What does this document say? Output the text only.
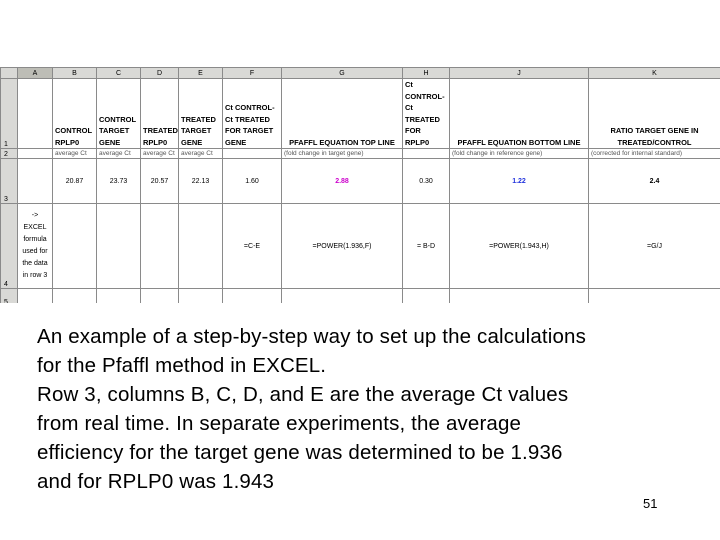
	A	B	C	D	E	F	G	H	J	K
1		CONTROL RPLP0	CONTROL TARGET GENE	TREATED RPLP0	TREATED TARGET GENE	Ct CONTROL-Ct TREATED FOR TARGET GENE	PFAFFL EQUATION TOP LINE	Ct CONTROL-Ct TREATED FOR RPLP0	PFAFFL EQUATION BOTTOM LINE	RATIO TARGET GENE IN TREATED/CONTROL
2		average Ct	average Ct	average Ct	average Ct		(fold change in target gene)		(fold change in reference gene)	(corrected for internal standard)
3		20.87	23.73	20.57	22.13	1.60	2.88	0.30	1.22	2.4
4	-> EXCEL formula used for the data in row 3					=C-E	=POWER(1.936,F)	= B-D	=POWER(1.943,H)	=G/J
5										

An example of a step-by-step way to set up the calculations

for the Pfaffl method in EXCEL.

Row 3, columns B, C, D, and E are the average Ct values

from real time. In separate experiments, the average

efficiency for the target gene was determined to be 1.936

and for RPLP0 was 1.943

51
